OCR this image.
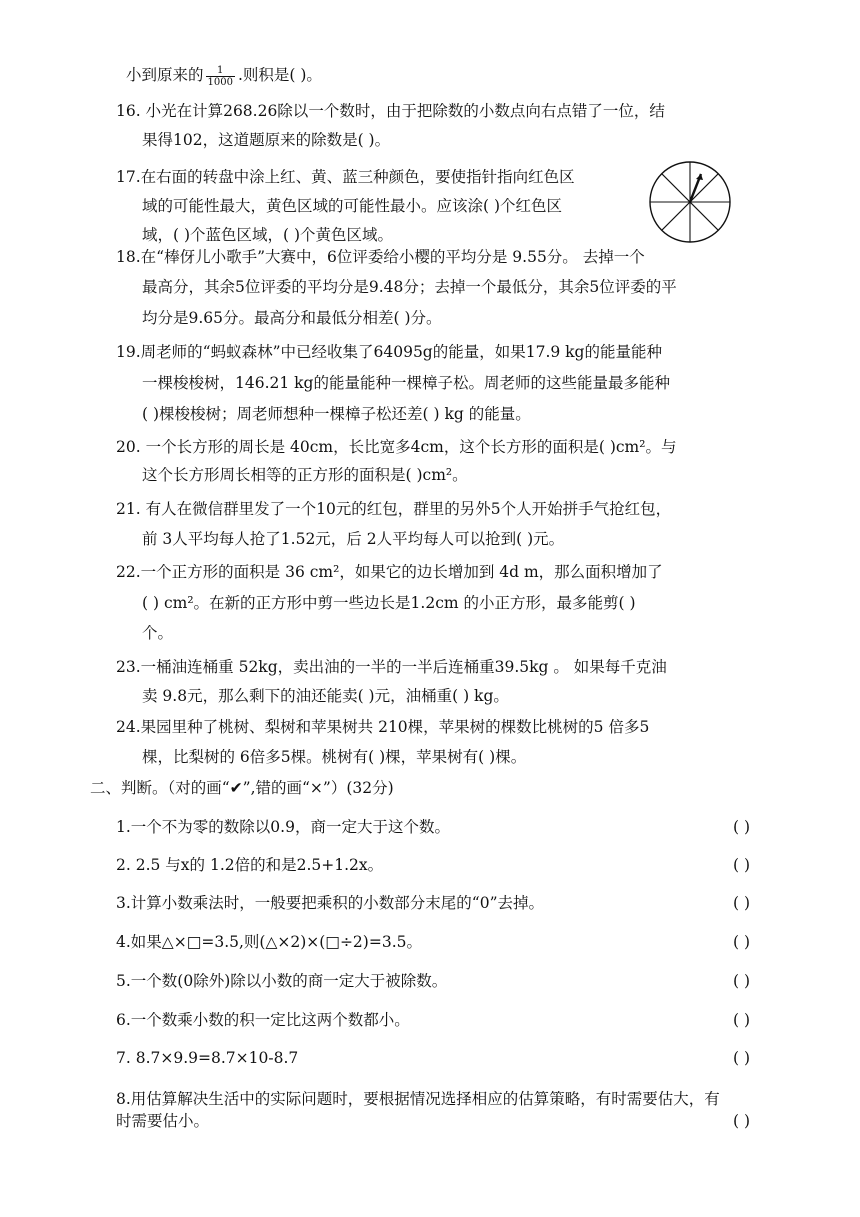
小到原来的 $\frac{1}{1000}$ .则积是( )。
16. 小光在计算268.26除以一个数时，由于把除数的小数点向右点错了一位，结
果得102，这道题原来的除数是( )。
17.在右面的转盘中涂上红、黄、蓝三种颜色，要使指针指向红色区
域的可能性最大，黄色区域的可能性最小。应该涂( )个红色区
域，( )个蓝色区域，( )个黄色区域。
18.在“棒伢儿小歌手”大赛中，6位评委给小樱的平均分是 9.55分。 去掉一个
最高分，其余5位评委的平均分是9.48分；去掉一个最低分，其余5位评委的平
均分是9.65分。最高分和最低分相差( )分。
19.周老师的“蚂蚁森林”中已经收集了64095g的能量，如果17.9 kg的能量能种
一棵梭梭树，146.21 kg的能量能种一棵樟子松。周老师的这些能量最多能种
( )棵梭梭树；周老师想种一棵樟子松还差( ) kg 的能量。
20. 一个长方形的周长是 40cm，长比宽多4cm，这个长方形的面积是( )cm²。与
这个长方形周长相等的正方形的面积是( )cm²。
21. 有人在微信群里发了一个10元的红包，群里的另外5个人开始拼手气抢红包，
前 3人平均每人抢了1.52元，后 2人平均每人可以抢到( )元。
22.一个正方形的面积是 36 cm²，如果它的边长增加到 4d m，那么面积增加了
( ) cm²。在新的正方形中剪一些边长是1.2cm 的小正方形，最多能剪( )
个。
23.一桶油连桶重 52kg，卖出油的一半的一半后连桶重39.5kg 。 如果每千克油
卖 9.8元，那么剩下的油还能卖( )元，油桶重( ) kg。
24.果园里种了桃树、梨树和苹果树共 210棵，苹果树的棵数比桃树的5 倍多5
棵，比梨树的 6倍多5棵。桃树有( )棵，苹果树有( )棵。
二、判断。（对的画“✔”,错的画“×”）(32分)
1.一个不为零的数除以0.9，商一定大于这个数。	( )
2. 2.5 与x的 1.2倍的和是2.5+1.2x。	( )
3.计算小数乘法时，一般要把乘积的小数部分末尾的“0”去掉。	( )
4.如果△×□=3.5,则(△×2)×(□÷2)=3.5。	( )
5.一个数(0除外)除以小数的商一定大于被除数。	( )
6.一个数乘小数的积一定比这两个数都小。	( )
7. 8.7×9.9=8.7×10-8.7	( )
8.用估算解决生活中的实际问题时，要根据情况选择相应的估算策略，有时需要估大，有
时需要估小。	( )
